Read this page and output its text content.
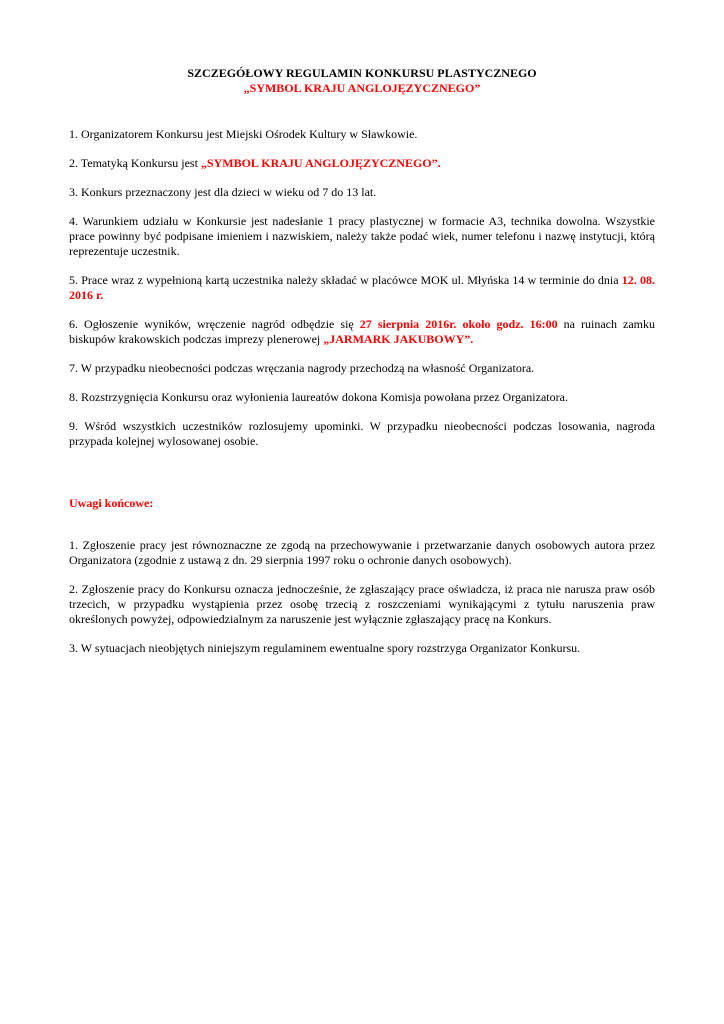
SZCZEGÓŁOWY REGULAMIN KONKURSU PLASTYCZNEGO

„SYMBOL KRAJU ANGLOJĘZYCZNEGO”

1. Organizatorem Konkursu jest Miejski Ośrodek Kultury w Sławkowie.

2. Tematyką Konkursu jest „SYMBOL KRAJU ANGLOJĘZYCZNEGO”.

3. Konkurs przeznaczony jest dla dzieci w wieku od 7 do 13 lat.

4. Warunkiem udziału w Konkursie jest nadesłanie 1 pracy plastycznej w formacie A3, technika dowolna. Wszystkie prace powinny być podpisane imieniem i nazwiskiem, należy także podać wiek, numer telefonu i nazwę instytucji, którą reprezentuje uczestnik.

5. Prace wraz z wypełnioną kartą uczestnika należy składać w placówce MOK ul. Młyńska 14 w terminie do dnia 12. 08. 2016 r.

6. Ogłoszenie wyników, wręczenie nagród odbędzie się 27 sierpnia 2016r. około godz. 16:00 na ruinach zamku biskupów krakowskich podczas imprezy plenerowej „JARMARK JAKUBOWY”.

7. W przypadku nieobecności podczas wręczania nagrody przechodzą na własność Organizatora.

8. Rozstrzygnięcia Konkursu oraz wyłonienia laureatów dokona Komisja powołana przez Organizatora.

9. Wśród wszystkich uczestników rozlosujemy upominki. W przypadku nieobecności podczas losowania, nagroda przypada kolejnej wylosowanej osobie.

Uwagi końcowe:

1. Zgłoszenie pracy jest równoznaczne ze zgodą na przechowywanie i przetwarzanie danych osobowych autora przez Organizatora (zgodnie z ustawą z dn. 29 sierpnia 1997 roku o ochronie danych osobowych).

2. Zgłoszenie pracy do Konkursu oznacza jednocześnie, że zgłaszający prace oświadcza, iż praca nie narusza praw osób trzecich, w przypadku wystąpienia przez osobę trzecią z roszczeniami wynikającymi z tytułu naruszenia praw określonych powyżej, odpowiedzialnym za naruszenie jest wyłącznie zgłaszający pracę na Konkurs.

3. W sytuacjach nieobjętych niniejszym regulaminem ewentualne spory rozstrzyga Organizator Konkursu.
